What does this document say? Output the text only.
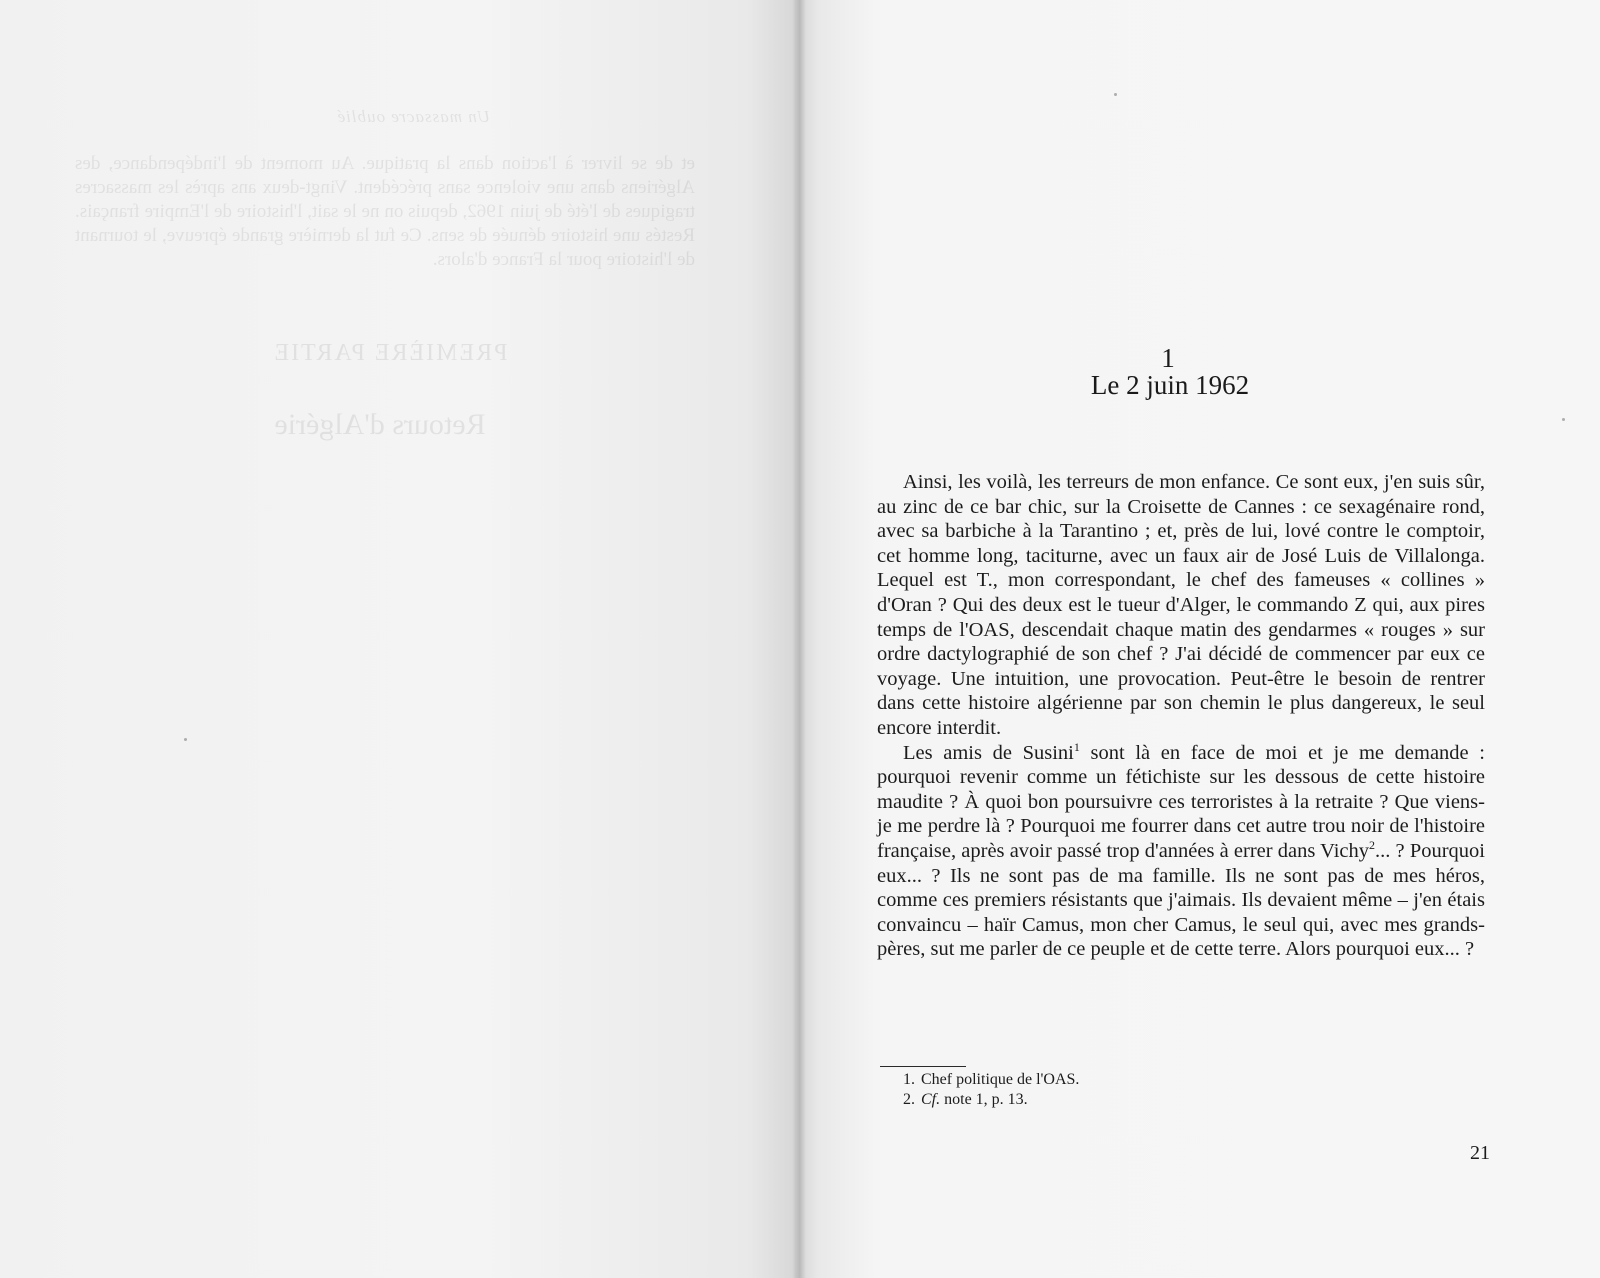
Un massacre oublié
et de se livrer à l'action dans la pratique. Au moment de l'indépendance, des Algériens dans une violence sans précédent. Vingt-deux ans après les massacres tragiques de l'été de juin 1962, depuis on ne le sait, l'histoire de l'Empire français. Restés une histoire dénuée de sens. Ce fut la dernière grande épreuve, le tournant de l'histoire pour la France d'alors.
PREMIÈRE PARTIE
Retours d'Algérie
1
Le 2 juin 1962

Ainsi, les voilà, les terreurs de mon enfance. Ce sont eux, j'en suis sûr, au zinc de ce bar chic, sur la Croisette de Cannes : ce sexagénaire rond, avec sa barbiche à la Tarantino ; et, près de lui, lové contre le comptoir, cet homme long, taciturne, avec un faux air de José Luis de Villalonga. Lequel est T., mon correspondant, le chef des fameuses « collines » d'Oran ? Qui des deux est le tueur d'Alger, le commando Z qui, aux pires temps de l'OAS, descendait chaque matin des gendarmes « rouges » sur ordre dactylographié de son chef ? J'ai décidé de commencer par eux ce voyage. Une intuition, une provocation. Peut-être le besoin de rentrer dans cette histoire algérienne par son chemin le plus dangereux, le seul encore interdit.

Les amis de Susini$^1$ sont là en face de moi et je me demande : pourquoi revenir comme un fétichiste sur les dessous de cette histoire maudite ? À quoi bon poursuivre ces terroristes à la retraite ? Que viens-je me perdre là ? Pourquoi me fourrer dans cet autre trou noir de l'histoire française, après avoir passé trop d'années à errer dans Vichy$^2$... ? Pourquoi eux... ? Ils ne sont pas de ma famille. Ils ne sont pas de mes héros, comme ces premiers résistants que j'aimais. Ils devaient même – j'en étais convaincu – haïr Camus, mon cher Camus, le seul qui, avec mes grands-pères, sut me parler de ce peuple et de cette terre. Alors pourquoi eux... ?

1. Chef politique de l'OAS.
2. Cf. note 1, p. 13.
21
